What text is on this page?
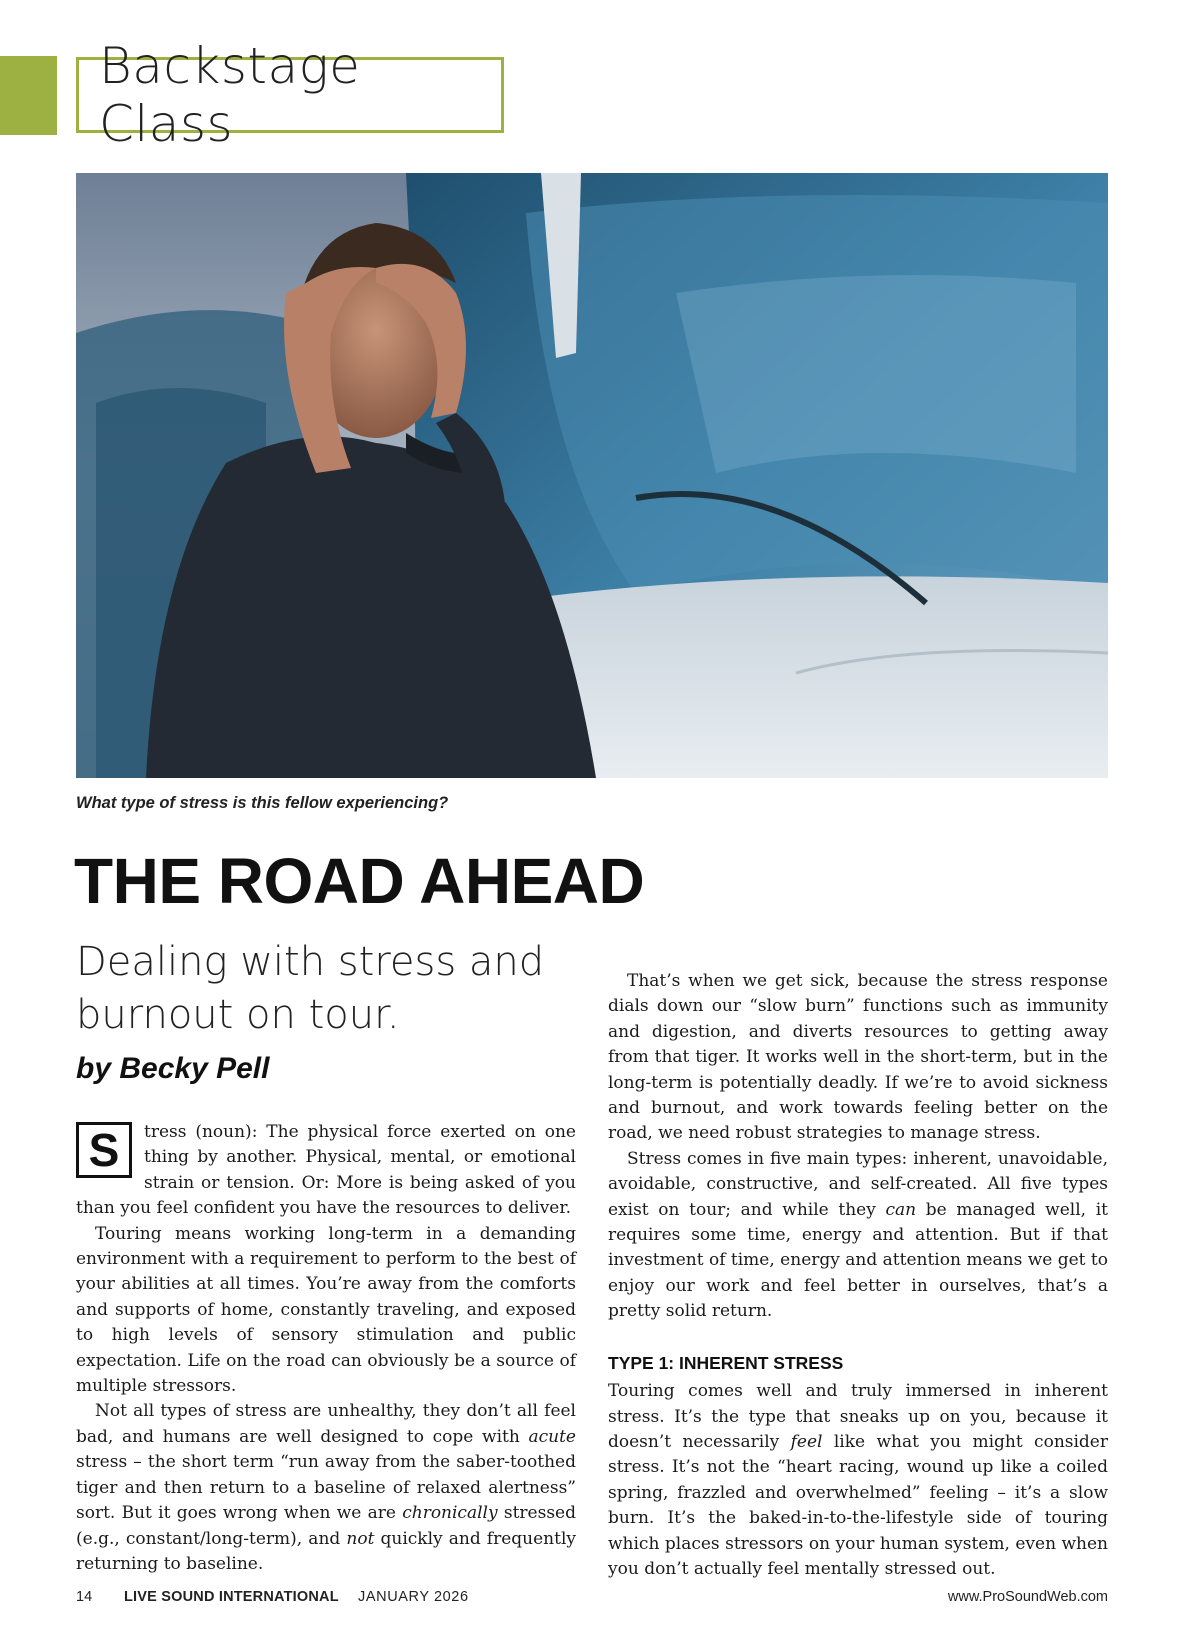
Backstage Class
What type of stress is this fellow experiencing?
THE ROAD AHEAD
Dealing with stress and burnout on tour.
by Becky Pell

S	tress (noun): The physical force exerted on one thing by another. Physical, mental, or emotional strain or tension. Or: More is being asked of you than you feel confident you have the resources to deliver.

Touring means working long-term in a demanding environment with a requirement to perform to the best of your abilities at all times. You’re away from the comforts and supports of home, constantly traveling, and exposed to high levels of sensory stimulation and public expectation. Life on the road can obviously be a source of multiple stressors.

Not all types of stress are unhealthy, they don’t all feel bad, and humans are well designed to cope with acute stress – the short term “run away from the saber-toothed tiger and then return to a baseline of relaxed alertness” sort. But it goes wrong when we are chronically stressed (e.g., constant/long-term), and not quickly and frequently returning to baseline.

That’s when we get sick, because the stress response dials down our “slow burn” functions such as immunity and digestion, and diverts resources to getting away from that tiger. It works well in the short-term, but in the long-term is potentially deadly. If we’re to avoid sickness and burnout, and work towards feeling better on the road, we need robust strategies to manage stress.

Stress comes in five main types: inherent, unavoidable, avoidable, constructive, and self-created. All five types exist on tour; and while they can be managed well, it requires some time, energy and attention. But if that investment of time, energy and attention means we get to enjoy our work and feel better in ourselves, that’s a pretty solid return.

TYPE 1: INHERENT STRESS

Touring comes well and truly immersed in inherent stress. It’s the type that sneaks up on you, because it doesn’t necessarily feel like what you might consider stress. It’s not the “heart racing, wound up like a coiled spring, frazzled and overwhelmed” feeling – it’s a slow burn. It’s the baked-in-to-the-lifestyle side of touring which places stressors on your human system, even when you don’t actually feel mentally stressed out.

14 LIVE SOUND INTERNATIONAL JANUARY 2026	www.ProSoundWeb.com
